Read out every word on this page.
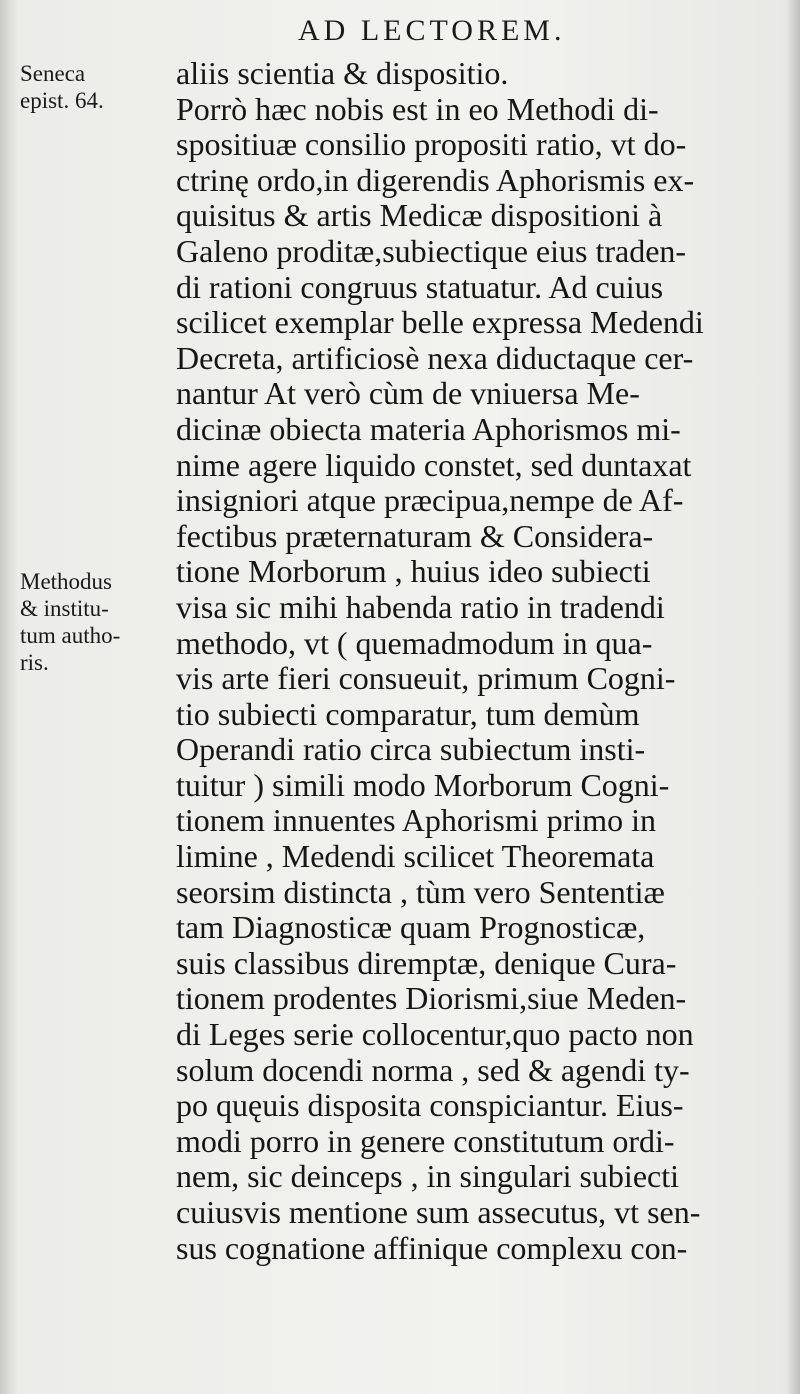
AD LECTOREM.
Seneca
epist. 64.
Methodus
& institu-
tum autho-
ris.
aliis scientia & dispositio.
Porrò hæc nobis est in eo Methodi di-
spositiuæ consilio propositi ratio, vt do-
ctrinę ordo,in digerendis Aphorismis ex-
quisitus & artis Medicæ dispositioni à
Galeno proditæ,subiectique eius traden-
di rationi congruus statuatur. Ad cuius
scilicet exemplar belle expressa Medendi
Decreta, artificiosè nexa diductaque cer-
nantur At verò cùm de vniuersa Me-
dicinæ obiecta materia Aphorismos mi-
nime agere liquido constet, sed duntaxat
insigniori atque præcipua,nempe de Af-
fectibus præternaturam & Considera-
tione Morborum , huius ideo subiecti
visa sic mihi habenda ratio in tradendi
methodo, vt ( quemadmodum in qua-
vis arte fieri consueuit, primum Cogni-
tio subiecti comparatur, tum demùm
Operandi ratio circa subiectum insti-
tuitur ) simili modo Morborum Cogni-
tionem innuentes Aphorismi primo in
limine , Medendi scilicet Theoremata
seorsim distincta , tùm vero Sententiæ
tam Diagnosticæ quam Prognosticæ,
suis classibus diremptæ, denique Cura-
tionem prodentes Diorismi,siue Meden-
di Leges serie collocentur,quo pacto non
solum docendi norma , sed & agendi ty-
po quęuis disposita conspiciantur. Eius-
modi porro in genere constitutum ordi-
nem, sic deinceps , in singulari subiecti
cuiusvis mentione sum assecutus, vt sen-
sus cognatione affinique complexu con-
